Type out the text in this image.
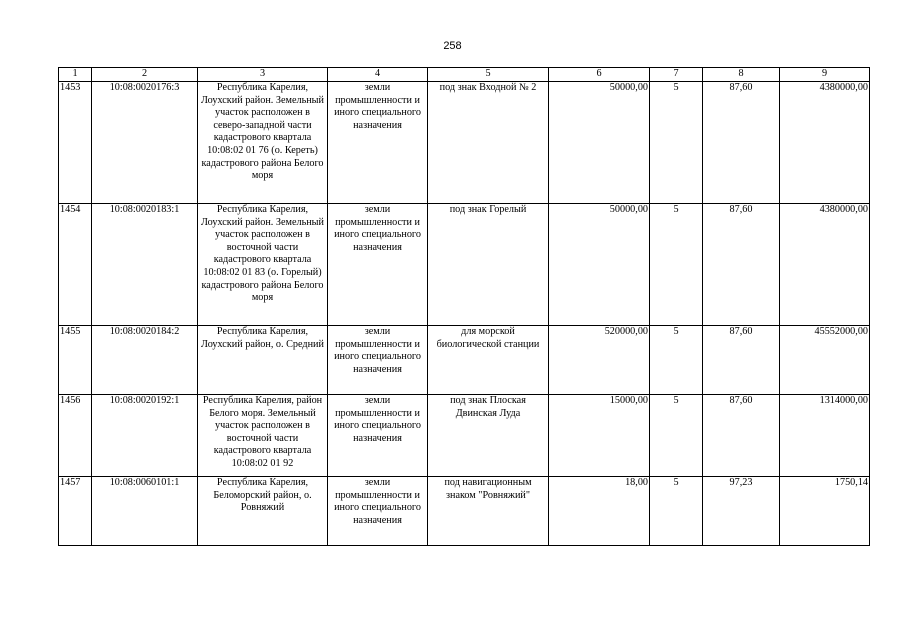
258
1	2	3	4	5	6	7	8	9
1453	10:08:0020176:3	Республика Карелия, Лоухский район. Земельный участок расположен в северо-западной части кадастрового квартала 10:08:02 01 76 (о. Кереть) кадастрового района Белого моря	земли промышленности и иного специального назначения	под знак Входной № 2	50000,00	5	87,60	4380000,00
1454	10:08:0020183:1	Республика Карелия, Лоухский район. Земельный участок расположен в восточной части кадастрового квартала 10:08:02 01 83 (о. Горелый) кадастрового района Белого моря	земли промышленности и иного специального назначения	под знак Горелый	50000,00	5	87,60	4380000,00
1455	10:08:0020184:2	Республика Карелия, Лоухский район, о. Средний	земли промышленности и иного специального назначения	для морской биологической станции	520000,00	5	87,60	45552000,00
1456	10:08:0020192:1	Республика Карелия, район Белого моря. Земельный участок расположен в восточной части кадастрового квартала 10:08:02 01 92	земли промышленности и иного специального назначения	под знак Плоская Двинская Луда	15000,00	5	87,60	1314000,00
1457	10:08:0060101:1	Республика Карелия, Беломорский район, о. Ровняжий	земли промышленности и иного специального назначения	под навигационным знаком "Ровняжий"	18,00	5	97,23	1750,14
